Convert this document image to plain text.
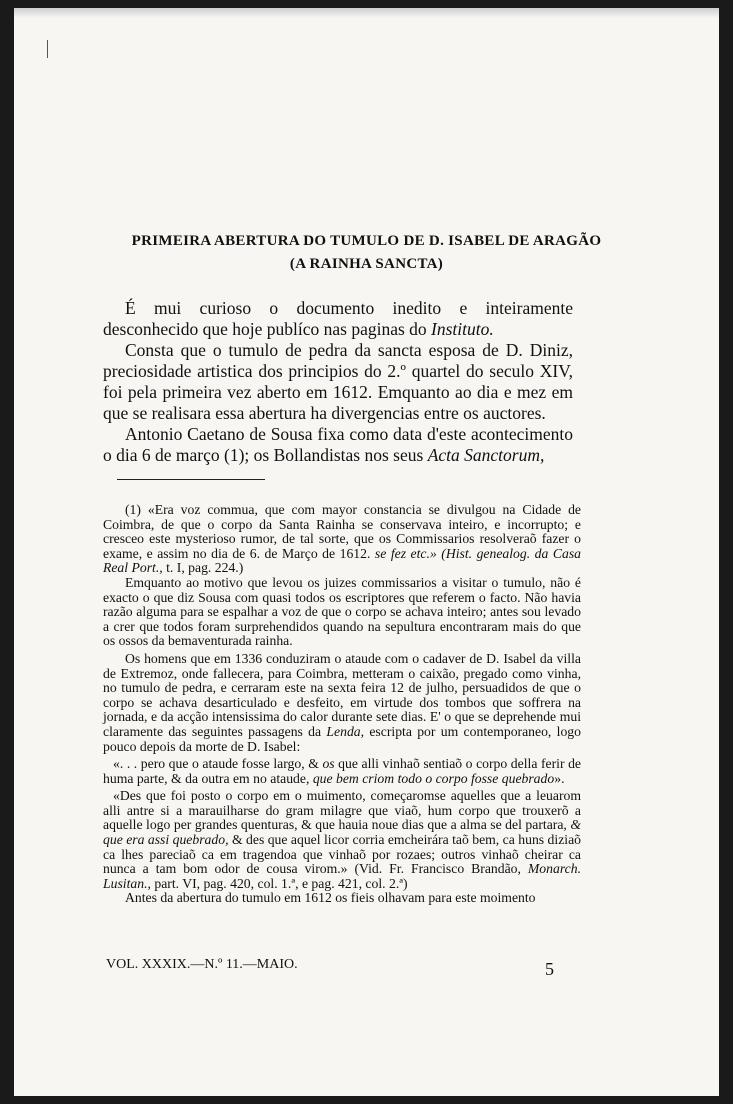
PRIMEIRA ABERTURA DO TUMULO DE D. ISABEL DE ARAGÃO
(A RAINHA SANCTA)

É mui curioso o documento inedito e inteiramente desconhecido que hoje publíco nas paginas do Instituto.

Consta que o tumulo de pedra da sancta esposa de D. Diniz, preciosidade artistica dos principios do 2.º quartel do seculo XIV, foi pela primeira vez aberto em 1612. Emquanto ao dia e mez em que se realisara essa abertura ha divergencias entre os auctores.

Antonio Caetano de Sousa fixa como data d'este acontecimento o dia 6 de março (1); os Bollandistas nos seus Acta Sanctorum,

(1) «Era voz commua, que com mayor constancia se divulgou na Cidade de Coimbra, de que o corpo da Santa Rainha se conservava inteiro, e incorrupto; e cresceo este mysterioso rumor, de tal sorte, que os Commissarios resolveraõ fazer o exame, e assim no dia de 6. de Março de 1612. se fez etc.» (Hist. genealog. da Casa Real Port., t. I, pag. 224.)

Emquanto ao motivo que levou os juizes commissarios a visitar o tumulo, não é exacto o que diz Sousa com quasi todos os escriptores que referem o facto. Não havia razão alguma para se espalhar a voz de que o corpo se achava inteiro; antes sou levado a crer que todos foram surprehendidos quando na sepultura encontraram mais do que os ossos da bemaventurada rainha.

Os homens que em 1336 conduziram o ataude com o cadaver de D. Isabel da villa de Extremoz, onde fallecera, para Coimbra, metteram o caixão, pregado como vinha, no tumulo de pedra, e cerraram este na sexta feira 12 de julho, persuadidos de que o corpo se achava desarticulado e desfeito, em virtude dos tombos que soffrera na jornada, e da acção intensissima do calor durante sete dias. E' o que se deprehende mui claramente das seguintes passagens da Lenda, escripta por um contemporaneo, logo pouco depois da morte de D. Isabel:

«. . . pero que o ataude fosse largo, & os que alli vinhaõ sentiaõ o corpo della ferir de huma parte, & da outra em no ataude, que bem criom todo o corpo fosse quebrado».

«Des que foi posto o corpo em o muimento, começaromse aquelles que a leuarom alli antre si a marauilharse do gram milagre que viaõ, hum corpo que trouxerõ a aquelle logo per grandes quenturas, & que hauia noue dias que a alma se del partara, & que era assi quebrado, & des que aquel licor corria emcheirára taõ bem, ca huns diziaõ ca lhes pareciaõ ca em tragendoa que vinhaõ por rozaes; outros vinhaõ cheirar ca nunca a tam bom odor de cousa virom.» (Vid. Fr. Francisco Brandão, Monarch. Lusitan., part. VI, pag. 420, col. 1.ª, e pag. 421, col. 2.ª)

Antes da abertura do tumulo em 1612 os fieis olhavam para este moimento

VOL. XXXIX.—N.º 11.—MAIO.	5
